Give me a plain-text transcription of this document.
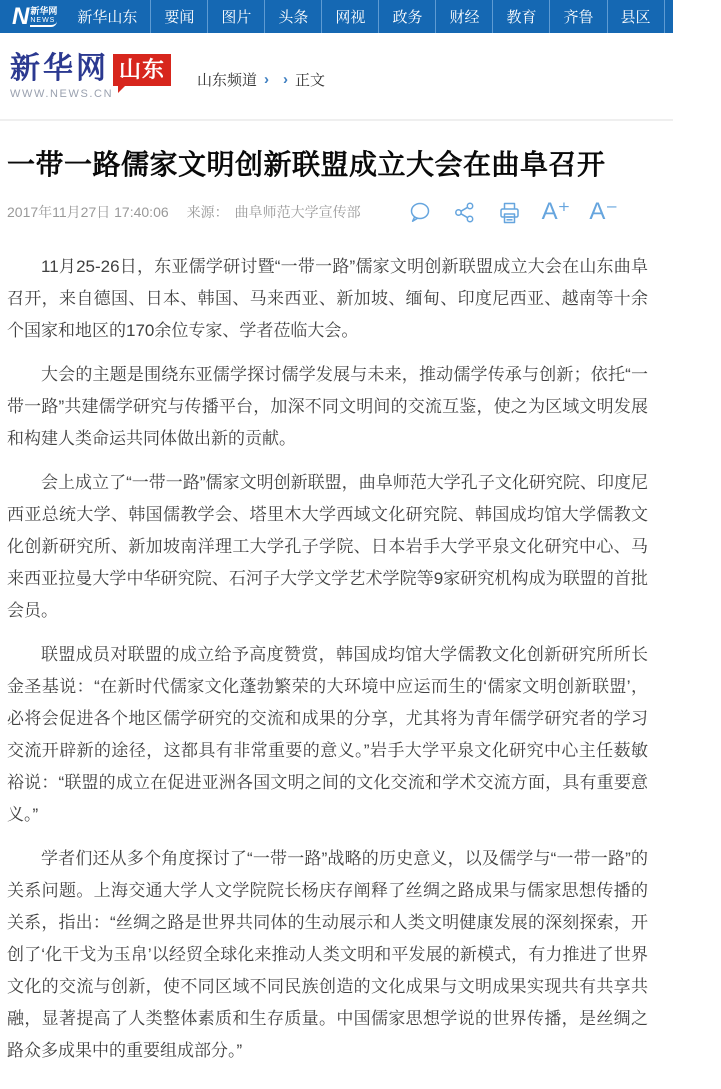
N 新华网
NEWS	新华山东	要闻	图片	头条	网视	政务	财经	教育	齐鲁	县区	旅游
新华网 山东
WWW.NEWS.CN
山东频道 › › 正文
一带一路儒家文明创新联盟成立大会在曲阜召开
2017年11月27日 17:40:06 来源： 曲阜师范大学宣传部	A⁺ A⁻

11月25-26日，东亚儒学研讨暨“一带一路”儒家文明创新联盟成立大会在山东曲阜召开，来自德国、日本、韩国、马来西亚、新加坡、缅甸、印度尼西亚、越南等十余个国家和地区的170余位专家、学者莅临大会。

大会的主题是围绕东亚儒学探讨儒学发展与未来，推动儒学传承与创新；依托“一带一路”共建儒学研究与传播平台，加深不同文明间的交流互鉴，使之为区域文明发展和构建人类命运共同体做出新的贡献。

会上成立了“一带一路”儒家文明创新联盟，曲阜师范大学孔子文化研究院、印度尼西亚总统大学、韩国儒教学会、塔里木大学西域文化研究院、韩国成均馆大学儒教文化创新研究所、新加坡南洋理工大学孔子学院、日本岩手大学平泉文化研究中心、马来西亚拉曼大学中华研究院、石河子大学文学艺术学院等9家研究机构成为联盟的首批会员。

联盟成员对联盟的成立给予高度赞赏，韩国成均馆大学儒教文化创新研究所所长金圣基说：“在新时代儒家文化蓬勃繁荣的大环境中应运而生的‘儒家文明创新联盟’，必将会促进各个地区儒学研究的交流和成果的分享，尤其将为青年儒学研究者的学习交流开辟新的途径，这都具有非常重要的意义。”岩手大学平泉文化研究中心主任薮敏裕说：“联盟的成立在促进亚洲各国文明之间的文化交流和学术交流方面，具有重要意义。”

学者们还从多个角度探讨了“一带一路”战略的历史意义，以及儒学与“一带一路”的关系问题。上海交通大学人文学院院长杨庆存阐释了丝绸之路成果与儒家思想传播的关系，指出：“丝绸之路是世界共同体的生动展示和人类文明健康发展的深刻探索，开创了‘化干戈为玉帛’以经贸全球化来推动人类文明和平发展的新模式，有力推进了世界文化的交流与创新，使不同区域不同民族创造的文化成果与文明成果实现共有共享共融，显著提高了人类整体素质和生存质量。中国儒家思想学说的世界传播，是丝绸之路众多成果中的重要组成部分。”
